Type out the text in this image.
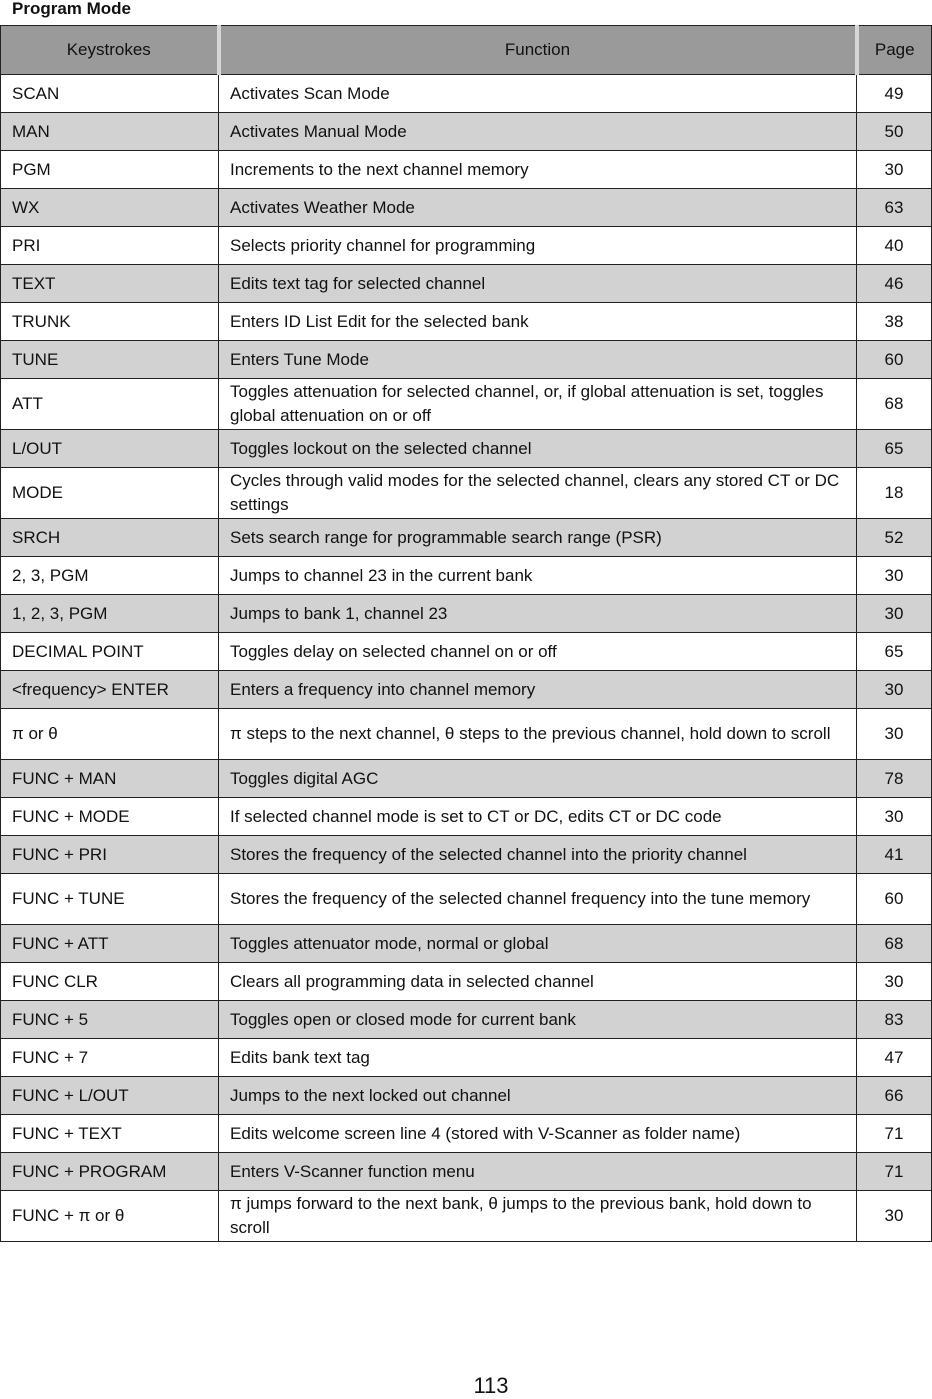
Program Mode
Keystrokes	Function	Page
SCAN	Activates Scan Mode	49
MAN	Activates Manual Mode	50
PGM	Increments to the next channel memory	30
WX	Activates Weather Mode	63
PRI	Selects priority channel for programming	40
TEXT	Edits text tag for selected channel	46
TRUNK	Enters ID List Edit for the selected bank	38
TUNE	Enters Tune Mode	60
ATT	Toggles attenuation for selected channel, or, if global attenuation is set, toggles global attenuation on or off	68
L/OUT	Toggles lockout on the selected channel	65
MODE	Cycles through valid modes for the selected channel, clears any stored CT or DC settings	18
SRCH	Sets search range for programmable search range (PSR)	52
2, 3, PGM	Jumps to channel 23 in the current bank	30
1, 2, 3, PGM	Jumps to bank 1, channel 23	30
DECIMAL POINT	Toggles delay on selected channel on or off	65
<frequency> ENTER	Enters a frequency into channel memory	30
π or θ	π steps to the next channel, θ steps to the previous channel, hold down to scroll	30
FUNC + MAN	Toggles digital AGC	78
FUNC + MODE	If selected channel mode is set to CT or DC, edits CT or DC code	30
FUNC + PRI	Stores the frequency of the selected channel into the priority channel	41
FUNC + TUNE	Stores the frequency of the selected channel frequency into the tune memory	60
FUNC + ATT	Toggles attenuator mode, normal or global	68
FUNC CLR	Clears all programming data in selected channel	30
FUNC + 5	Toggles open or closed mode for current bank	83
FUNC + 7	Edits bank text tag	47
FUNC + L/OUT	Jumps to the next locked out channel	66
FUNC + TEXT	Edits welcome screen line 4 (stored with V-Scanner as folder name)	71
FUNC + PROGRAM	Enters V-Scanner function menu	71
FUNC + π or θ	π jumps forward to the next bank, θ jumps to the previous bank, hold down to scroll	30
113
